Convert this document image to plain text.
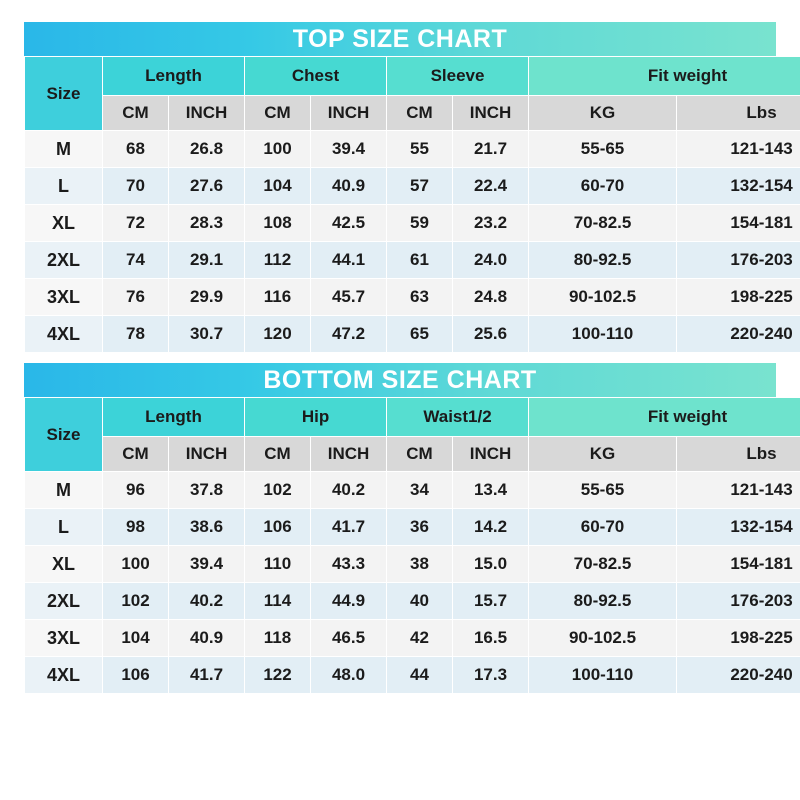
TOP SIZE CHART
Size	Length		Chest		Sleeve		Fit weight	
	CM	INCH	CM	INCH	CM	INCH	KG	Lbs
M	68	26.8	100	39.4	55	21.7	55-65	121-143
L	70	27.6	104	40.9	57	22.4	60-70	132-154
XL	72	28.3	108	42.5	59	23.2	70-82.5	154-181
2XL	74	29.1	112	44.1	61	24.0	80-92.5	176-203
3XL	76	29.9	116	45.7	63	24.8	90-102.5	198-225
4XL	78	30.7	120	47.2	65	25.6	100-110	220-240
BOTTOM SIZE CHART
Size	Length		Hip		Waist1/2		Fit weight	
	CM	INCH	CM	INCH	CM	INCH	KG	Lbs
M	96	37.8	102	40.2	34	13.4	55-65	121-143
L	98	38.6	106	41.7	36	14.2	60-70	132-154
XL	100	39.4	110	43.3	38	15.0	70-82.5	154-181
2XL	102	40.2	114	44.9	40	15.7	80-92.5	176-203
3XL	104	40.9	118	46.5	42	16.5	90-102.5	198-225
4XL	106	41.7	122	48.0	44	17.3	100-110	220-240
